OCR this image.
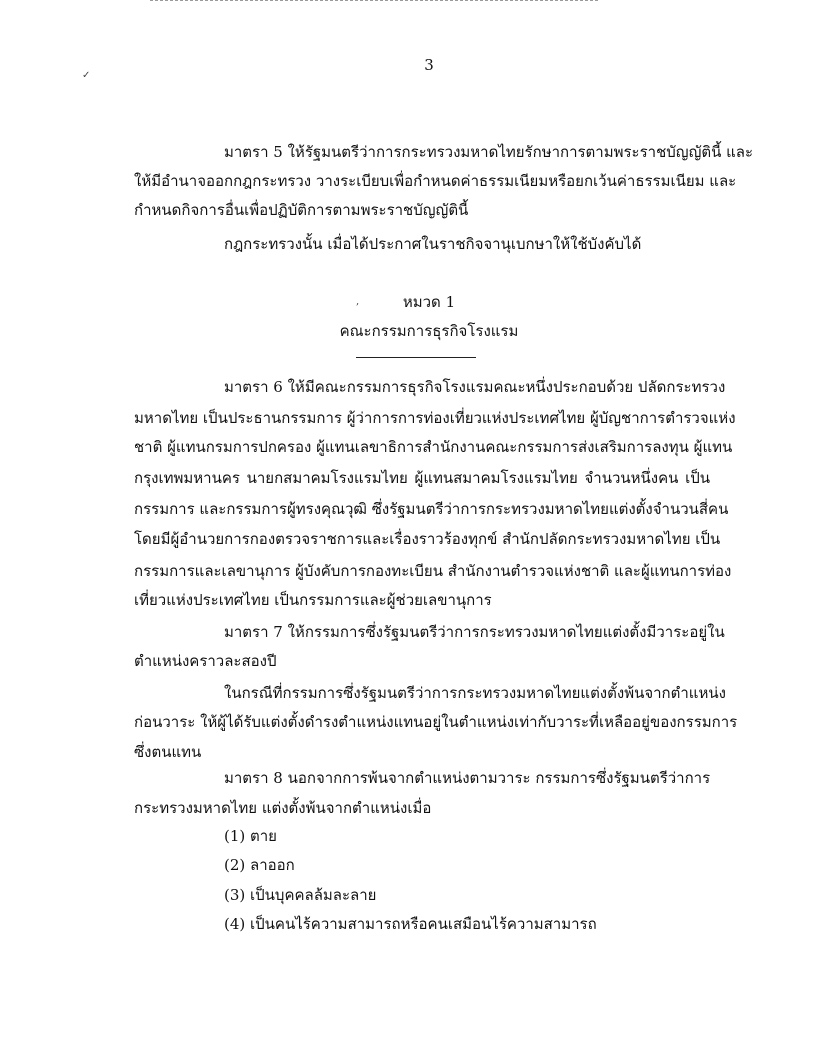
3
✓
,
มาตรา 5 ให้รัฐมนตรีว่าการกระทรวงมหาดไทยรักษาการตามพระราชบัญญัตินี้ และ
ให้มีอำนาจออกกฎกระทรวง วางระเบียบเพื่อกำหนดค่าธรรมเนียมหรือยกเว้นค่าธรรมเนียม และ
กำหนดกิจการอื่นเพื่อปฏิบัติการตามพระราชบัญญัตินี้
กฎกระทรวงนั้น เมื่อได้ประกาศในราชกิจจานุเบกษาให้ใช้บังคับได้
หมวด 1
คณะกรรมการธุรกิจโรงแรม
มาตรา 6 ให้มีคณะกรรมการธุรกิจโรงแรมคณะหนึ่งประกอบด้วย ปลัดกระทรวง
มหาดไทย เป็นประธานกรรมการ ผู้ว่าการการท่องเที่ยวแห่งประเทศไทย ผู้บัญชาการตำรวจแห่ง
ชาติ ผู้แทนกรมการปกครอง ผู้แทนเลขาธิการสำนักงานคณะกรรมการส่งเสริมการลงทุน ผู้แทน
กรุงเทพมหานคร นายกสมาคมโรงแรมไทย ผู้แทนสมาคมโรงแรมไทย จำนวนหนึ่งคน เป็น
กรรมการ และกรรมการผู้ทรงคุณวุฒิ ซึ่งรัฐมนตรีว่าการกระทรวงมหาดไทยแต่งตั้งจำนวนสี่คน
โดยมีผู้อำนวยการกองตรวจราชการและเรื่องราวร้องทุกข์ สำนักปลัดกระทรวงมหาดไทย เป็น
กรรมการและเลขานุการ ผู้บังคับการกองทะเบียน สำนักงานตำรวจแห่งชาติ และผู้แทนการท่อง
เที่ยวแห่งประเทศไทย เป็นกรรมการและผู้ช่วยเลขานุการ
มาตรา 7 ให้กรรมการซึ่งรัฐมนตรีว่าการกระทรวงมหาดไทยแต่งตั้งมีวาระอยู่ใน
ตำแหน่งคราวละสองปี
ในกรณีที่กรรมการซึ่งรัฐมนตรีว่าการกระทรวงมหาดไทยแต่งตั้งพ้นจากตำแหน่ง
ก่อนวาระ ให้ผู้ได้รับแต่งตั้งดำรงตำแหน่งแทนอยู่ในตำแหน่งเท่ากับวาระที่เหลืออยู่ของกรรมการ
ซึ่งตนแทน
มาตรา 8 นอกจากการพ้นจากตำแหน่งตามวาระ กรรมการซึ่งรัฐมนตรีว่าการ
กระทรวงมหาดไทย แต่งตั้งพ้นจากตำแหน่งเมื่อ
(1) ตาย
(2) ลาออก
(3) เป็นบุคคลล้มละลาย
(4) เป็นคนไร้ความสามารถหรือคนเสมือนไร้ความสามารถ
